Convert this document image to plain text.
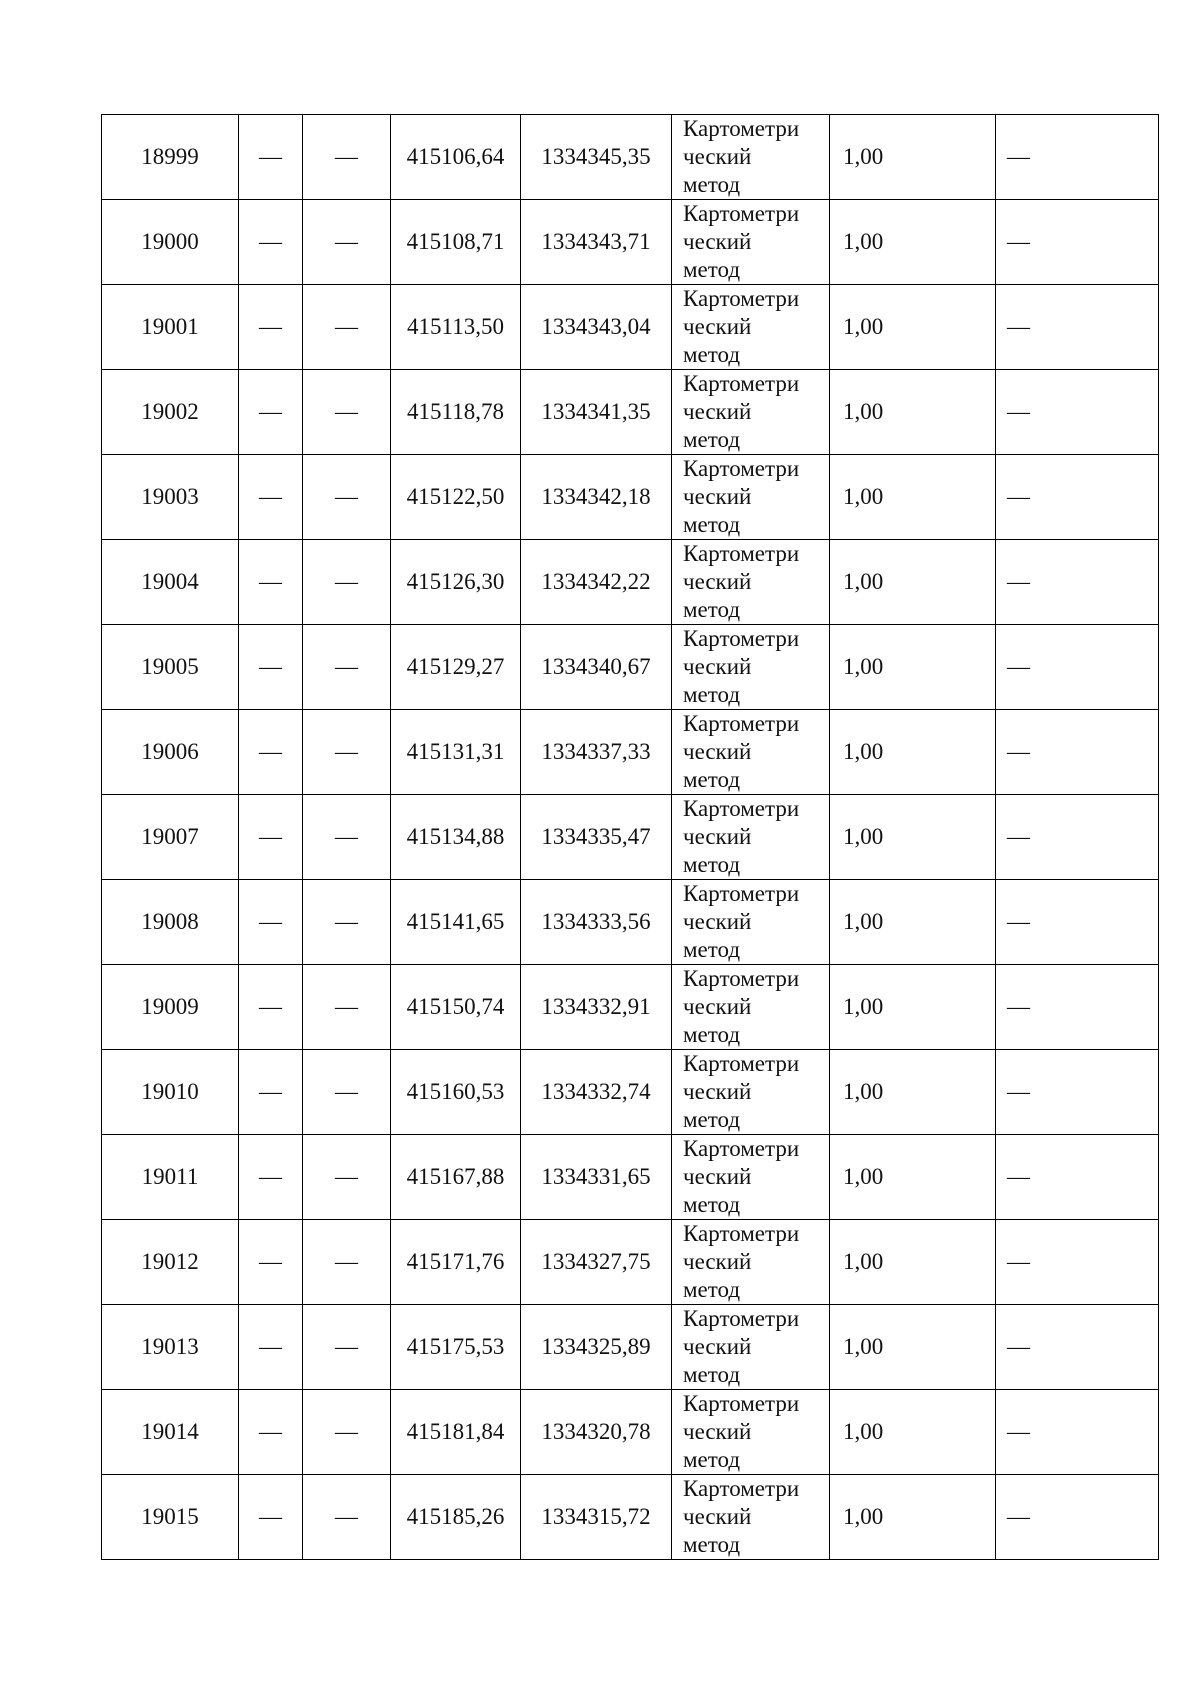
18999	—	—	415106,64	1334345,35	Картометри
ческий
метод	1,00	—
19000	—	—	415108,71	1334343,71	Картометри
ческий
метод	1,00	—
19001	—	—	415113,50	1334343,04	Картометри
ческий
метод	1,00	—
19002	—	—	415118,78	1334341,35	Картометри
ческий
метод	1,00	—
19003	—	—	415122,50	1334342,18	Картометри
ческий
метод	1,00	—
19004	—	—	415126,30	1334342,22	Картометри
ческий
метод	1,00	—
19005	—	—	415129,27	1334340,67	Картометри
ческий
метод	1,00	—
19006	—	—	415131,31	1334337,33	Картометри
ческий
метод	1,00	—
19007	—	—	415134,88	1334335,47	Картометри
ческий
метод	1,00	—
19008	—	—	415141,65	1334333,56	Картометри
ческий
метод	1,00	—
19009	—	—	415150,74	1334332,91	Картометри
ческий
метод	1,00	—
19010	—	—	415160,53	1334332,74	Картометри
ческий
метод	1,00	—
19011	—	—	415167,88	1334331,65	Картометри
ческий
метод	1,00	—
19012	—	—	415171,76	1334327,75	Картометри
ческий
метод	1,00	—
19013	—	—	415175,53	1334325,89	Картометри
ческий
метод	1,00	—
19014	—	—	415181,84	1334320,78	Картометри
ческий
метод	1,00	—
19015	—	—	415185,26	1334315,72	Картометри
ческий
метод	1,00	—
